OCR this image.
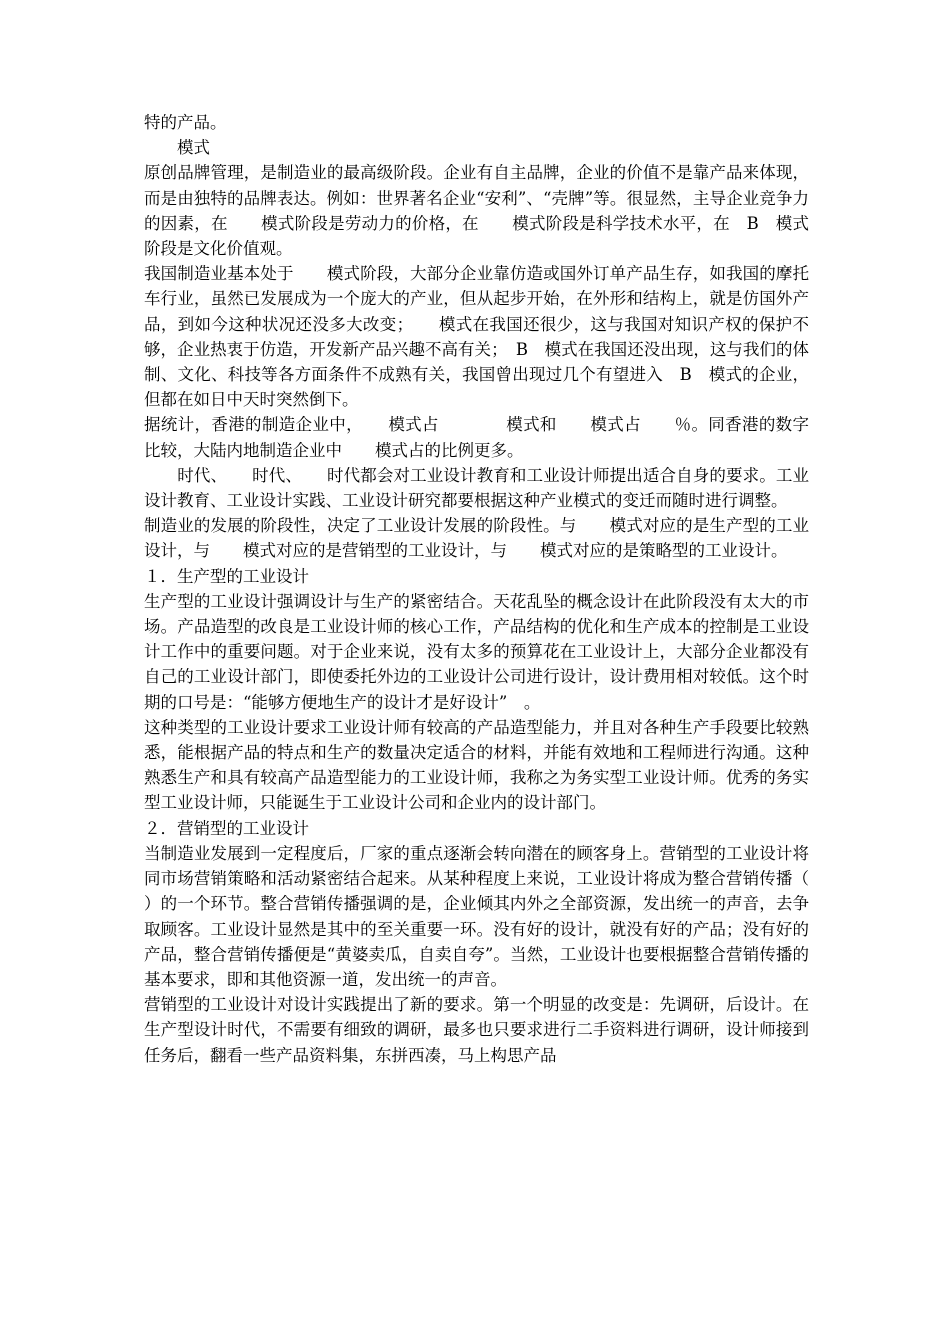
特的产品。

　　模式

原创品牌管理，是制造业的最高级阶段。企业有自主品牌，企业的价值不是靠产品来体现，而是由独特的品牌表达。例如：世界著名企业“安利”、“壳牌”等。很显然，主导企业竞争力的因素，在　　模式阶段是劳动力的价格，在　　模式阶段是科学技术水平，在　B　模式阶段是文化价值观。

我国制造业基本处于　　模式阶段，大部分企业靠仿造或国外订单产品生存，如我国的摩托车行业，虽然已发展成为一个庞大的产业，但从起步开始，在外形和结构上，就是仿国外产品，到如今这种状况还没多大改变；　　模式在我国还很少，这与我国对知识产权的保护不够，企业热衷于仿造，开发新产品兴趣不高有关；　B　模式在我国还没出现，这与我们的体制、文化、科技等各方面条件不成熟有关，我国曾出现过几个有望进入　B　模式的企业，但都在如日中天时突然倒下。

据统计，香港的制造企业中，　　模式占　　　　模式和　　模式占　　％。同香港的数字比较，大陆内地制造企业中　　模式占的比例更多。

　　时代、　　时代、　　时代都会对工业设计教育和工业设计师提出适合自身的要求。工业设计教育、工业设计实践、工业设计研究都要根据这种产业模式的变迁而随时进行调整。

制造业的发展的阶段性，决定了工业设计发展的阶段性。与　　模式对应的是生产型的工业设计，与　　模式对应的是营销型的工业设计，与　　模式对应的是策略型的工业设计。

１．生产型的工业设计

生产型的工业设计强调设计与生产的紧密结合。天花乱坠的概念设计在此阶段没有太大的市场。产品造型的改良是工业设计师的核心工作，产品结构的优化和生产成本的控制是工业设计工作中的重要问题。对于企业来说，没有太多的预算花在工业设计上，大部分企业都没有自己的工业设计部门，即使委托外边的工业设计公司进行设计，设计费用相对较低。这个时期的口号是：“能够方便地生产的设计才是好设计”　。

这种类型的工业设计要求工业设计师有较高的产品造型能力，并且对各种生产手段要比较熟悉，能根据产品的特点和生产的数量决定适合的材料，并能有效地和工程师进行沟通。这种熟悉生产和具有较高产品造型能力的工业设计师，我称之为务实型工业设计师。优秀的务实型工业设计师，只能诞生于工业设计公司和企业内的设计部门。

２．营销型的工业设计

当制造业发展到一定程度后，厂家的重点逐渐会转向潜在的顾客身上。营销型的工业设计将同市场营销策略和活动紧密结合起来。从某种程度上来说，工业设计将成为整合营销传播（　　）的一个环节。整合营销传播强调的是，企业倾其内外之全部资源，发出统一的声音，去争取顾客。工业设计显然是其中的至关重要一环。没有好的设计，就没有好的产品；没有好的产品，整合营销传播便是“黄婆卖瓜，自卖自夸”。当然，工业设计也要根据整合营销传播的基本要求，即和其他资源一道，发出统一的声音。

营销型的工业设计对设计实践提出了新的要求。第一个明显的改变是：先调研，后设计。在生产型设计时代，不需要有细致的调研，最多也只要求进行二手资料进行调研，设计师接到任务后，翻看一些产品资料集，东拼西凑，马上构思产品
